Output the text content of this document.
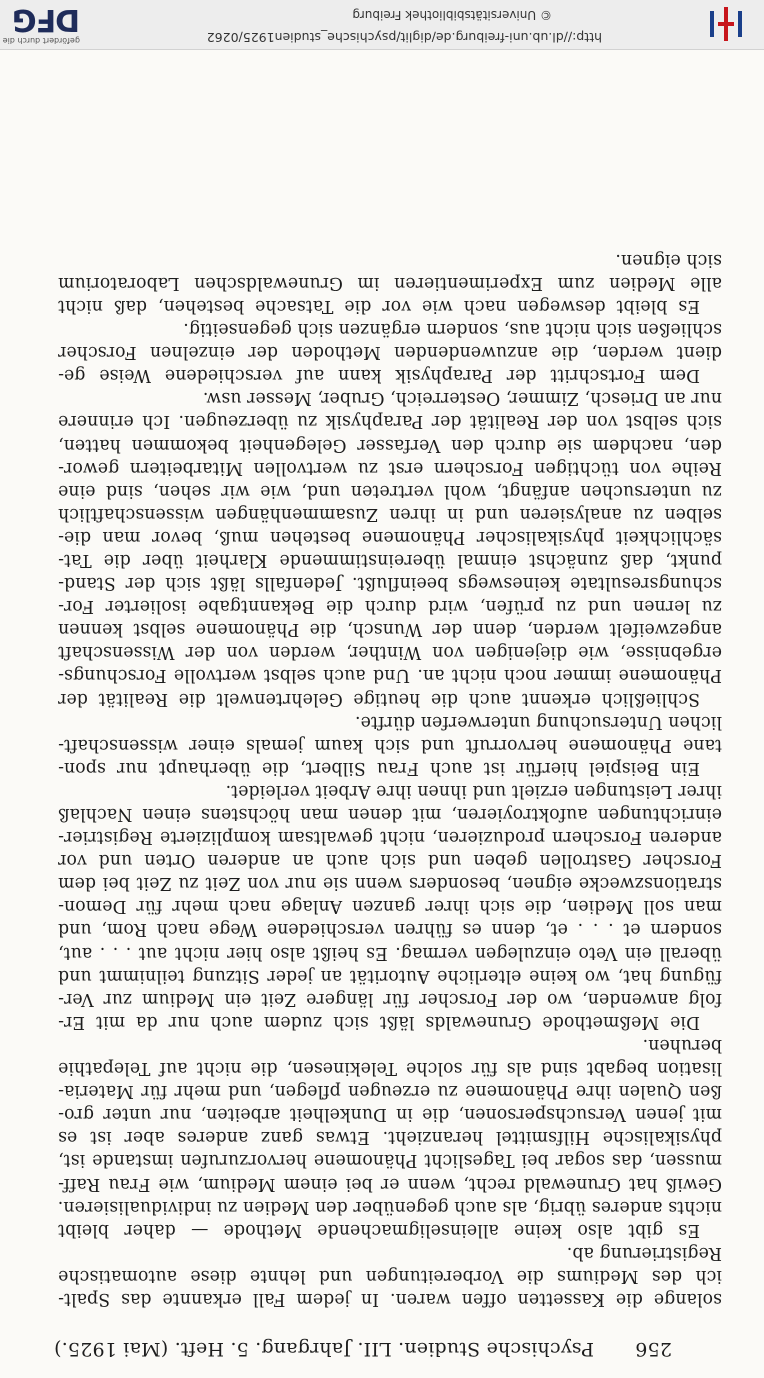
256
Psychische Studien. LII. Jahrgang. 5. Heft. (Mai 1925.)
solange die Kassetten offen waren. In jedem Fall erkannte das Spalt-
ich des Mediums die Vorbereitungen und lehnte diese automatische
Registrierung ab.
Es gibt also keine alleinseligmachende Methode — daher bleibt
nichts anderes übrig, als auch gegenüber den Medien zu individualisieren.
Gewiß hat Grunewald recht, wenn er bei einem Medium, wie Frau Raff-
mussen, das sogar bei Tageslicht Phänomene hervorzurufen imstande ist,
physikalische Hilfsmittel heranzieht. Etwas ganz anderes aber ist es
mit jenen Versuchspersonen, die in Dunkelheit arbeiten, nur unter gro-
ßen Qualen ihre Phänomene zu erzeugen pflegen, und mehr für Materia-
lisation begabt sind als für solche Telekinesen, die nicht auf Telepathie
beruhen.
Die Meßmethode Grunewalds läßt sich zudem auch nur da mit Er-
folg anwenden, wo der Forscher für längere Zeit ein Medium zur Ver-
fügung hat, wo keine elterliche Autorität an jeder Sitzung teilnimmt und
überall ein Veto einzulegen vermag. Es heißt also hier nicht aut . . . aut,
sondern et . . . et, denn es führen verschiedene Wege nach Rom, und
man soll Medien, die sich ihrer ganzen Anlage nach mehr für Demon-
strationszwecke eignen, besonders wenn sie nur von Zeit zu Zeit bei dem
Forscher Gastrollen geben und sich auch an anderen Orten und vor
anderen Forschern produzieren, nicht gewaltsam komplizierte Registrier-
einrichtungen aufoktroyieren, mit denen man höchstens einen Nachlaß
ihrer Leistungen erzielt und ihnen ihre Arbeit verleidet.
Ein Beispiel hierfür ist auch Frau Silbert, die überhaupt nur spon-
tane Phänomene hervorruft und sich kaum jemals einer wissenschaft-
lichen Untersuchung unterwerfen dürfte.
Schließlich erkennt auch die heutige Gelehrtenwelt die Realität der
Phänomene immer noch nicht an. Und auch selbst wertvolle Forschungs-
ergebnisse, wie diejenigen von Winther, werden von der Wissenschaft
angezweifelt werden, denn der Wunsch, die Phänomene selbst kennen
zu lernen und zu prüfen, wird durch die Bekanntgabe isolierter For-
schungsresultate keineswegs beeinflußt. Jedenfalls läßt sich der Stand-
punkt, daß zunächst einmal übereinstimmende Klarheit über die Tat-
sächlichkeit physikalischer Phänomene bestehen muß, bevor man die-
selben zu analysieren und in ihren Zusammenhängen wissenschaftlich
zu untersuchen anfängt, wohl vertreten und, wie wir sehen, sind eine
Reihe von tüchtigen Forschern erst zu wertvollen Mitarbeitern gewor-
den, nachdem sie durch den Verfasser Gelegenheit bekommen hatten,
sich selbst von der Realität der Paraphysik zu überzeugen. Ich erinnere
nur an Driesch, Zimmer, Oesterreich, Gruber, Messer usw.
Dem Fortschritt der Paraphysik kann auf verschiedene Weise ge-
dient werden, die anzuwendenden Methoden der einzelnen Forscher
schließen sich nicht aus, sondern ergänzen sich gegenseitig.
Es bleibt deswegen nach wie vor die Tatsache bestehen, daß nicht
alle Medien zum Experimentieren im Grunewaldschen Laboratorium
sich eignen.
http://dl.ub.uni-freiburg.de/diglit/psychische_studien1925/0262
© Universitätsbibliothek Freiburg
gefördert durch die
DFG
